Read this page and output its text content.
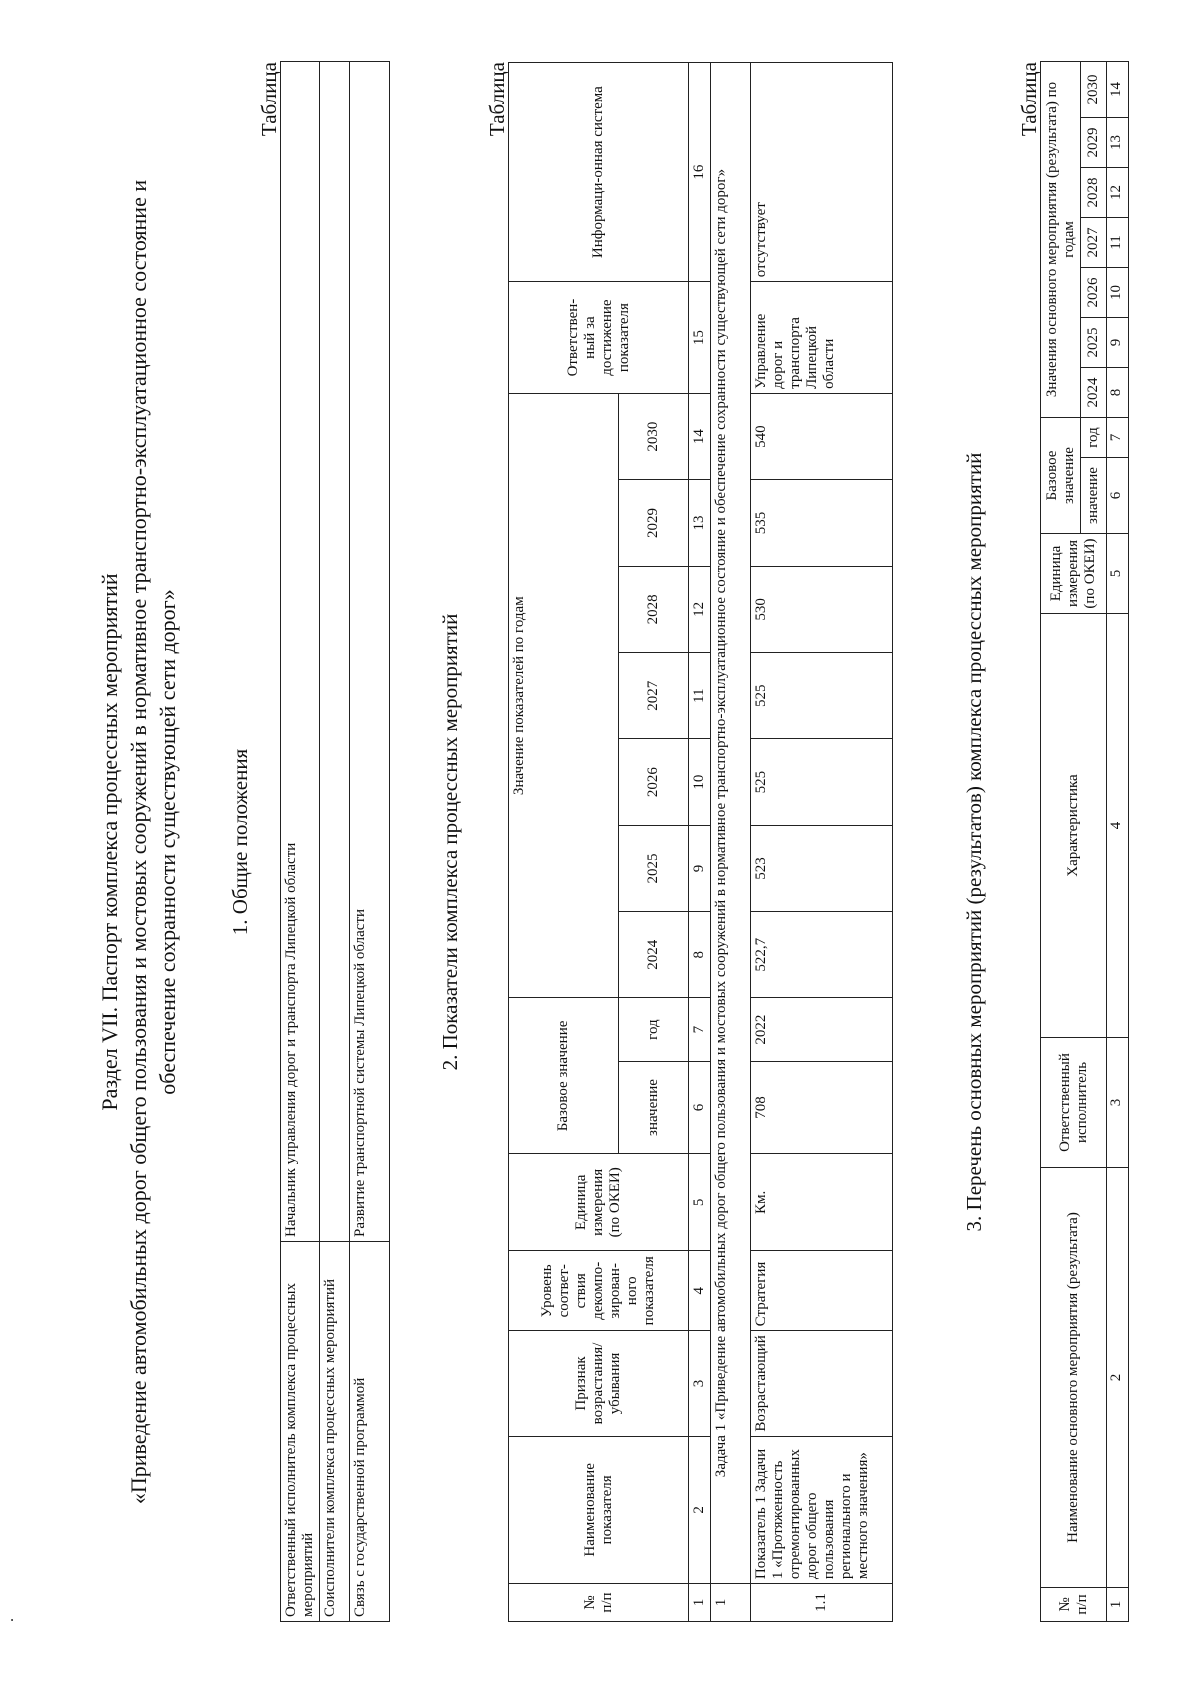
.

Раздел VII. Паспорт комплекса процессных мероприятий «Приведение автомобильных дорог общего пользования и мостовых сооружений в нормативное транспортно-эксплуатационное состояние и обеспечение сохранности существующей сети дорог» 1. Общие положения
Таблица
Ответственный исполнитель комплекса процессных мероприятий	Начальник управления дорог и транспорта Липецкой области
Соисполнители комплекса процессных мероприятий	
Связь с государственной программой	Развитие транспортной системы Липецкой области
2. Показатели комплекса процессных мероприятий
Таблица
№ п/п	Наименование показателя	Признак возрастания/ убывания	Уровень соответ-ствия декомпо-зирован-ного показателя	Единица измерения (по ОКЕИ)	Базовое значение		Значение показателей по годам							Ответствен-ный за достижение показателя	Информаци-онная система
					значение	год	2024	2025	2026	2027	2028	2029	2030		
1	2	3	4	5	6	7	8	9	10	11	12	13	14	15	16
1	Задача 1 «Приведение автомобильных дорог общего пользования и мостовых сооружений в нормативное транспортно-эксплуатационное состояние и обеспечение сохранности существующей сети дорог»														
1.1	Показатель 1 Задачи 1 «Протяженность отремонтированных дорог общего пользования регионального и местного значения»	Возрастающий	Стратегия	Км.	708	2022	522,7	523	525	525	530	535	540	Управление дорог и транспорта Липецкой области	отсутствует
3. Перечень основных мероприятий (результатов) комплекса процессных мероприятий
Таблица
№ п/п	Наименование основного мероприятия (результата)	Ответственный исполнитель	Характеристика	Единица измерения (по ОКЕИ)	Базовое значение		Значения основного мероприятия (результата) по годам						

					значение	год	2024	2025	2026	2027	2028	2029	2030
1	2	3	4	5	6	7	8	9	10	11	12	13	14
